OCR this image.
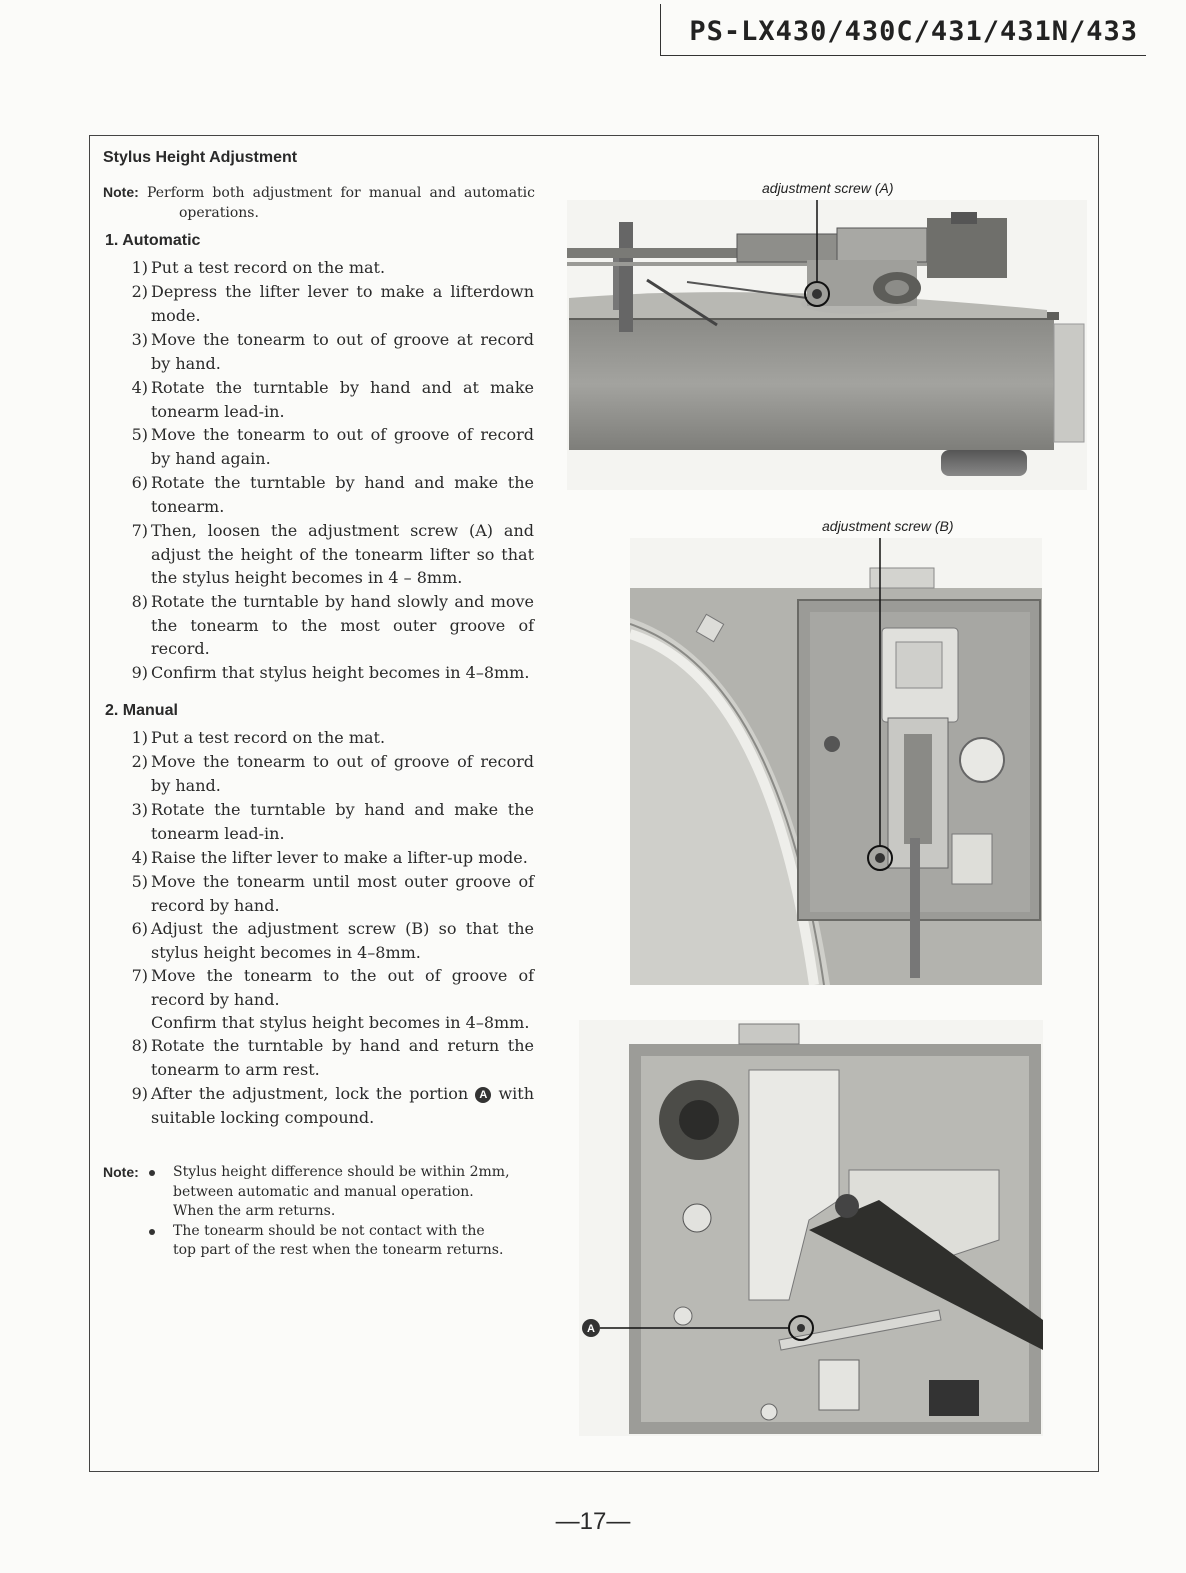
PS-LX430/430C/431/431N/433
Stylus Height Adjustment
Note: Perform both adjustment for manual and automatic
operations.
1. Automatic
1) Put a test record on the mat.
2) Depress the lifter lever to make a lifterdown mode.
3) Move the tonearm to out of groove at record by hand.
4) Rotate the turntable by hand and at make tonearm lead-in.
5) Move the tonearm to out of groove of record by hand again.
6) Rotate the turntable by hand and make the tonearm.
7) Then, loosen the adjustment screw (A) and adjust the height of the tonearm lifter so that the stylus height becomes in 4 – 8mm.
8) Rotate the turntable by hand slowly and move the tonearm to the most outer groove of record.
9) Confirm that stylus height becomes in 4–8mm.
2. Manual
1) Put a test record on the mat.
2) Move the tonearm to out of groove of record by hand.
3) Rotate the turntable by hand and make the tonearm lead-in.
4) Raise the lifter lever to make a lifter-up mode.
5) Move the tonearm until most outer groove of record by hand.
6) Adjust the adjustment screw (B) so that the stylus height becomes in 4–8mm.
7) Move the tonearm to the out of groove of record by hand.
Confirm that stylus height becomes in 4–8mm.
8) Rotate the turntable by hand and return the tonearm to arm rest.
9) After the adjustment, lock the portion A with suitable locking compound.
Note: Stylus height difference should be within 2mm,
between automatic and manual operation.
When the arm returns.
The tonearm should be not contact with the
top part of the rest when the tonearm returns.
adjustment screw (A)
adjustment screw (B)
A
—17—
